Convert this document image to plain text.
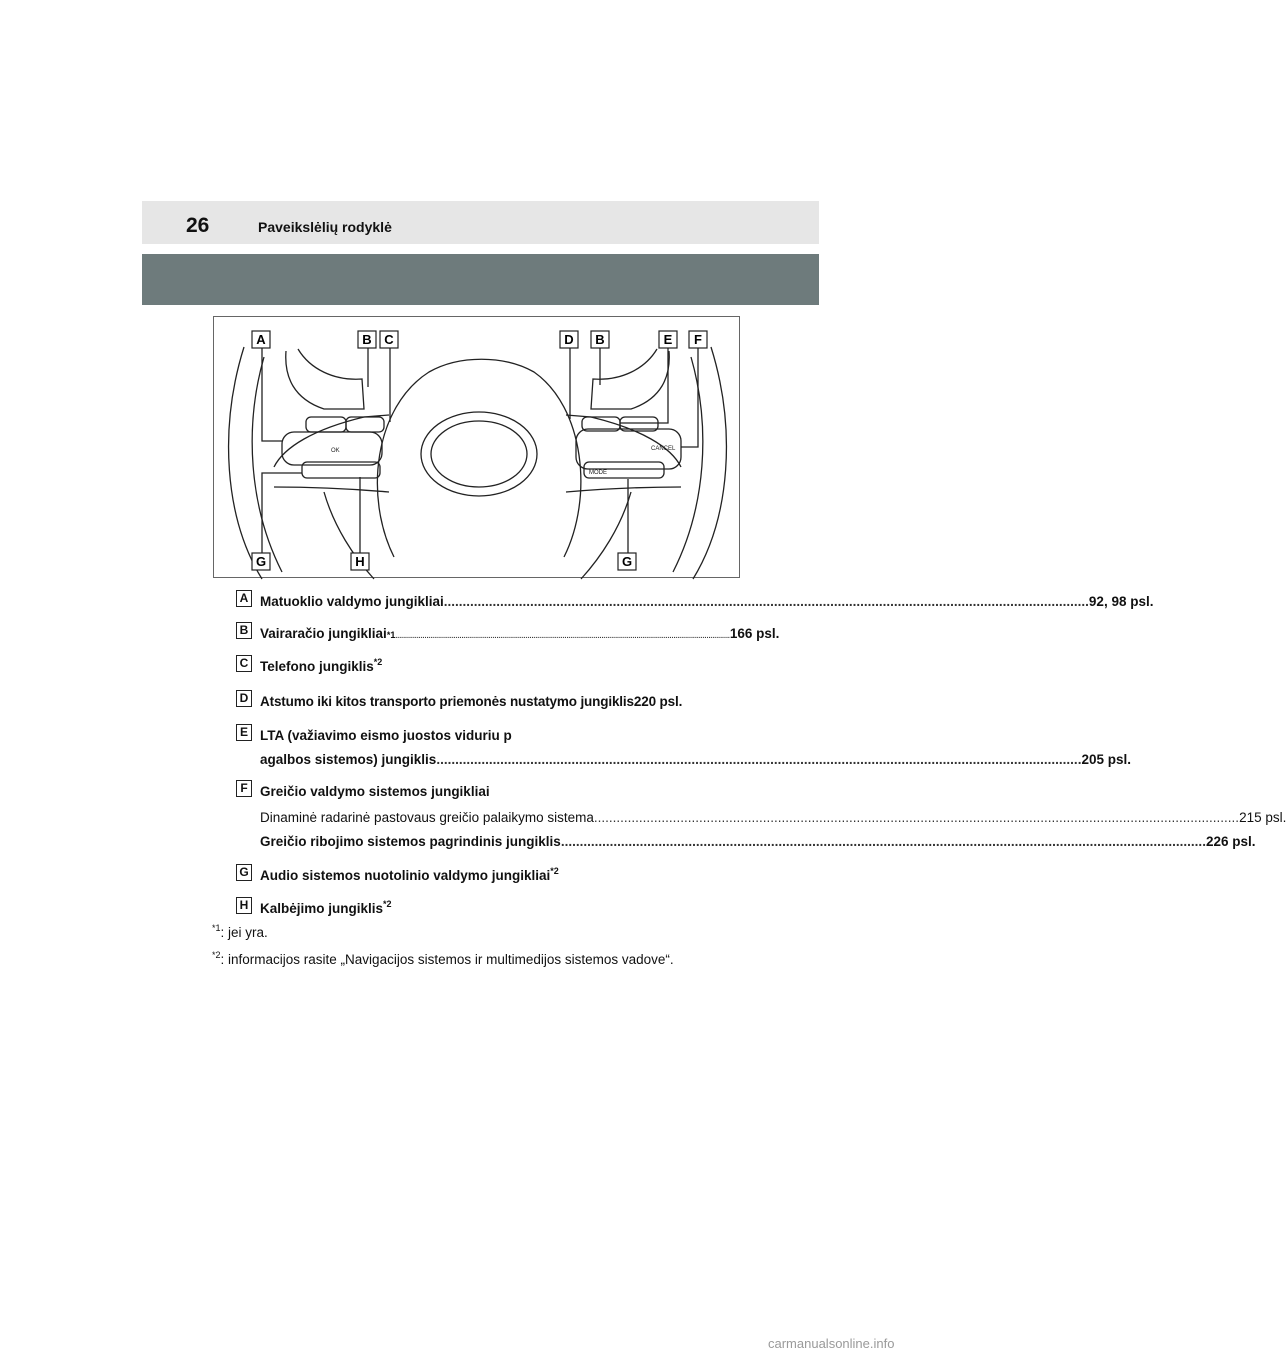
26	Paveikslėlių rodyklė
OK
MODE
CANCEL
A	B C	D B	E F
G	H	G
A Matuoklio valdymo jungikliai ............................................................................................................................................................................ 92, 98 psl.
B Vairaračio jungikliai *1 ............................................................................................................................................................................ 166 psl.
C Telefono jungiklis$^{*2}$
D Atstumo iki kitos transporto priemonės nustatymo jungiklis 220 psl.
E LTA (važiavimo eismo juostos viduriu p
agalbos sistemos) jungiklis ............................................................................................................................................................................ 205 psl.
F Greičio valdymo sistemos jungikliai
Dinaminė radarinė pastovaus greičio palaikymo sistema ............................................................................................................................................................................ 215 psl.
Greičio ribojimo sistemos pagrindinis jungiklis ............................................................................................................................................................................ 226 psl.
G Audio sistemos nuotolinio valdymo jungikliai$^{*2}$
H Kalbėjimo jungiklis$^{*2}$
$^{*1}$: jei yra.
$^{*2}$: informacijos rasite „Navigacijos sistemos ir multimedijos sistemos vadove“.
carmanualsonline.info
